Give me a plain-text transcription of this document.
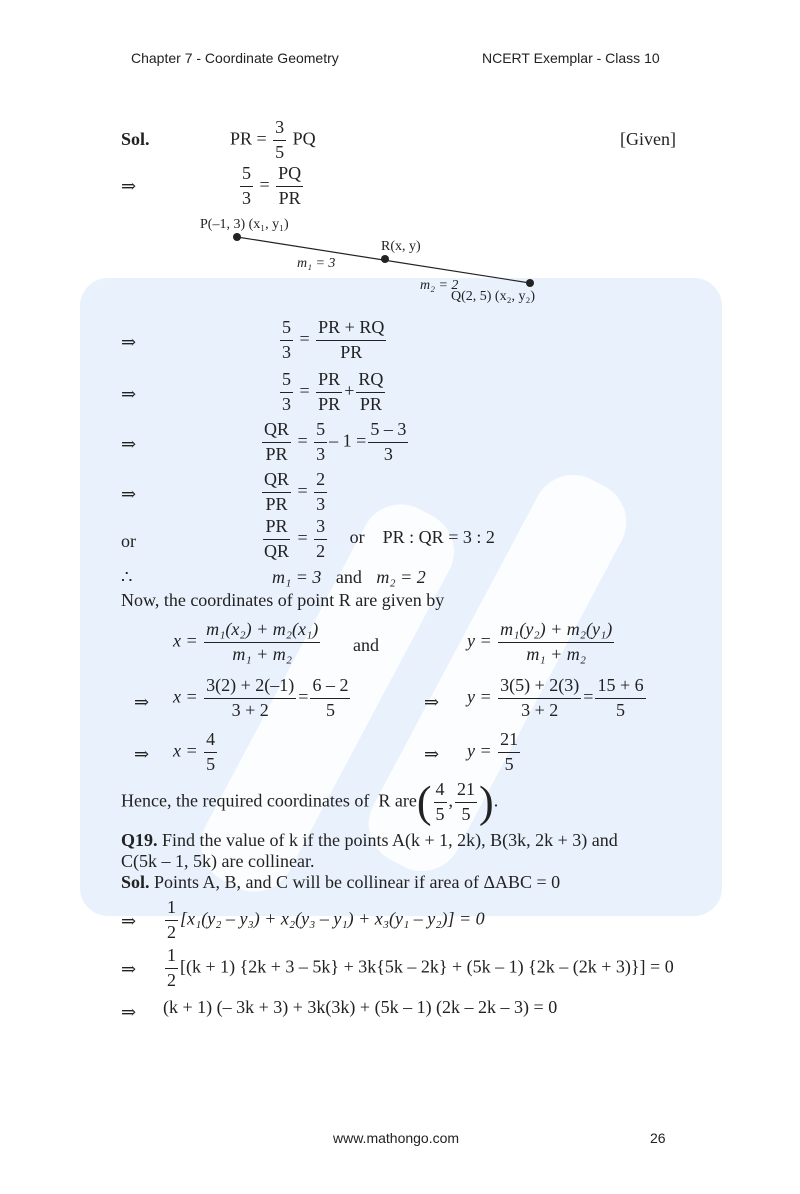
Chapter 7 - Coordinate Geometry	NCERT Exemplar - Class 10
Sol.	PR = $\frac{3}{5}$ PQ	[Given]
⇒	$\frac{5}{3} = \frac{PQ}{PR}$
P(–1, 3) (x₁, y₁)
R(x, y)
m₁ = 3
m₂ = 2
Q(2, 5) (x₂, y₂)
⇒	$\frac{5}{3} = \frac{PR + RQ}{PR}$
⇒	$\frac{5}{3} = \frac{PR}{PR} + \frac{RQ}{PR}$
⇒	$\frac{QR}{PR} = \frac{5}{3} - 1 = \frac{5 - 3}{3}$
⇒	$\frac{QR}{PR} = \frac{2}{3}$
or	$\frac{PR}{QR} = \frac{3}{2}$ or    PR : QR = 3 : 2
∴	m₁ = 3 and m₂ = 2
Now, the coordinates of point R are given by
$x = \frac{\text{m₁(x₂) + m₂(x₁)}}{\text{m₁ + m₂}}$ and	$y = \frac{\text{m₁(y₂) + m₂(y₁)}}{\text{m₁ + m₂}}$
⇒ $x = \frac{3(2) + 2(-1)}{3 + 2} = \frac{6 - 2}{5}$	⇒ $y = \frac{3(5) + 2(3)}{3 + 2} = \frac{15 + 6}{5}$
⇒ $x = \frac{4}{5}$	⇒ $y = \frac{21}{5}$
Hence, the required coordinates of  R $are( \frac{4}{5}$ , $\frac{21}{5}$ ).
Q19. Find the value of k if the points A(k + 1, 2k), B(3k, 2k + 3) and
C(5k – 1, 5k) are collinear.
Sol. Points A, B, and C will be collinear if area of ΔABC = 0
⇒ $\frac{1}{2} [x_1(y_2 - y_3) + x_2(y_3 - y_1) + x_3(y_1 - y_2)] = 0$
⇒ $\frac{1}{2} [(k + 1) \{2k + 3 - 5k\} + 3k\{5k - 2k\} + (5k - 1)$ {2k – (2k + 3)}] = 0
⇒ (k + 1) (– 3k + 3) + 3k(3k) + (5k – 1) (2k – 2k – 3) = 0
www.mathongo.com	26
